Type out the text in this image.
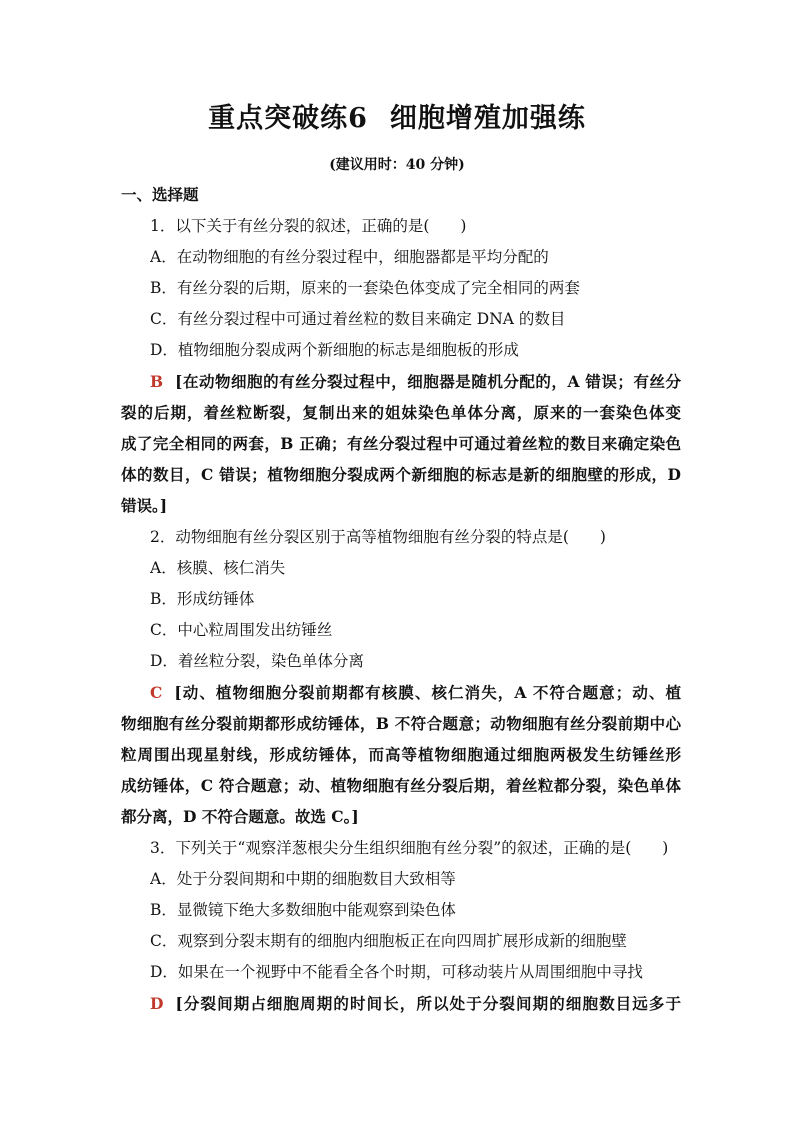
重点突破练6 细胞增殖加强练
(建议用时：40 分钟)
一、选择题
1．以下关于有丝分裂的叙述，正确的是(　　)
A．在动物细胞的有丝分裂过程中，细胞器都是平均分配的
B．有丝分裂的后期，原来的一套染色体变成了完全相同的两套
C．有丝分裂过程中可通过着丝粒的数目来确定 DNA 的数目
D．植物细胞分裂成两个新细胞的标志是细胞板的形成
B [在动物细胞的有丝分裂过程中，细胞器是随机分配的，A 错误；有丝分
裂的后期，着丝粒断裂，复制出来的姐妹染色单体分离，原来的一套染色体变
成了完全相同的两套，B 正确；有丝分裂过程中可通过着丝粒的数目来确定染色
体的数目，C 错误；植物细胞分裂成两个新细胞的标志是新的细胞壁的形成，D
错误。]
2．动物细胞有丝分裂区别于高等植物细胞有丝分裂的特点是(　　)
A．核膜、核仁消失
B．形成纺锤体
C．中心粒周围发出纺锤丝
D．着丝粒分裂，染色单体分离
C [动、植物细胞分裂前期都有核膜、核仁消失，A 不符合题意；动、植
物细胞有丝分裂前期都形成纺锤体，B 不符合题意；动物细胞有丝分裂前期中心
粒周围出现星射线，形成纺锤体，而高等植物细胞通过细胞两极发生纺锤丝形
成纺锤体，C 符合题意；动、植物细胞有丝分裂后期，着丝粒都分裂，染色单体
都分离，D 不符合题意。故选 C。]
3．下列关于“观察洋葱根尖分生组织细胞有丝分裂”的叙述，正确的是(　　)
A．处于分裂间期和中期的细胞数目大致相等
B．显微镜下绝大多数细胞中能观察到染色体
C．观察到分裂末期有的细胞内细胞板正在向四周扩展形成新的细胞壁
D．如果在一个视野中不能看全各个时期，可移动装片从周围细胞中寻找
D [分裂间期占细胞周期的时间长，所以处于分裂间期的细胞数目远多于
